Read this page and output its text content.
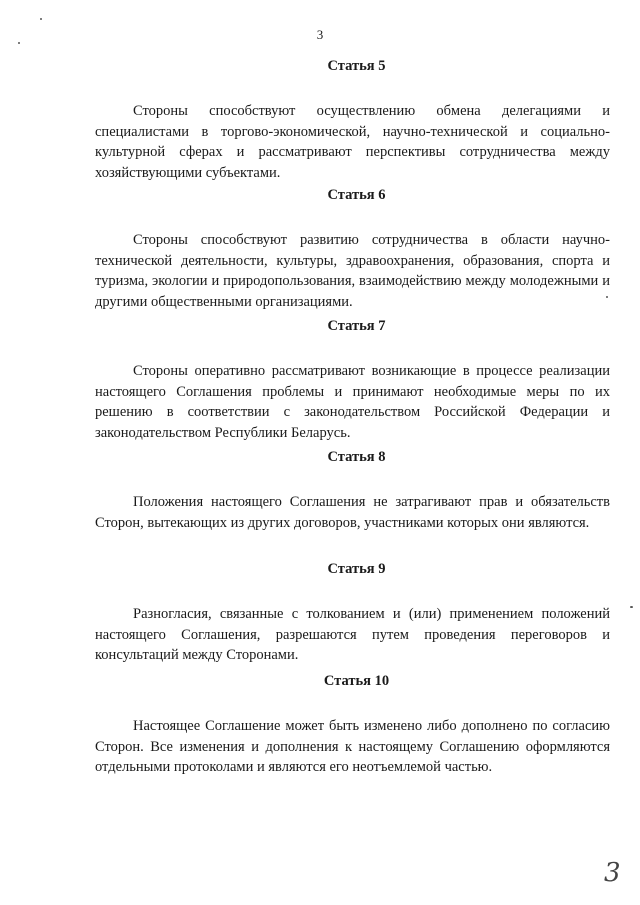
3
Статья 5

Стороны способствуют осуществлению обмена делегациями и специалистами в торгово-экономической, научно-технической и социально-культурной сферах и рассматривают перспективы сотрудничества между хозяйствующими субъектами.

Статья 6

Стороны способствуют развитию сотрудничества в области научно-технической деятельности, культуры, здравоохранения, образования, спорта и туризма, экологии и природопользования, взаимодействию между молодежными и другими общественными организациями.

Статья 7

Стороны оперативно рассматривают возникающие в процессе реализации настоящего Соглашения проблемы и принимают необходимые меры по их решению в соответствии с законодательством Российской Федерации и законодательством Республики Беларусь.

Статья 8

Положения настоящего Соглашения не затрагивают прав и обязательств Сторон, вытекающих из других договоров, участниками которых они являются.

Статья 9

Разногласия, связанные с толкованием и (или) применением положений настоящего Соглашения, разрешаются путем проведения переговоров и консультаций между Сторонами.

Статья 10

Настоящее Соглашение может быть изменено либо дополнено по согласию Сторон. Все изменения и дополнения к настоящему Соглашению оформляются отдельными протоколами и являются его неотъемлемой частью.

3
